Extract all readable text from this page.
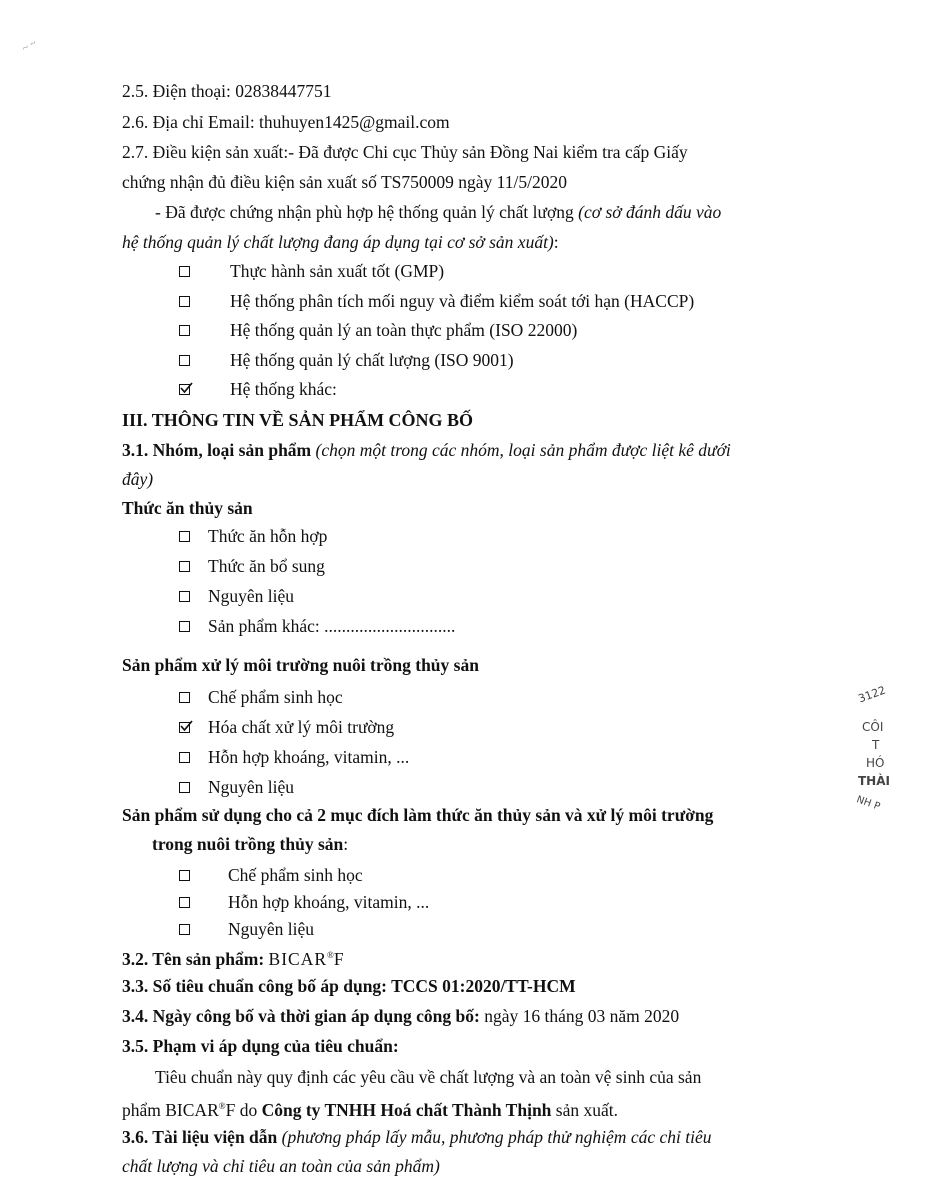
~ ~
2.5. Điện thoại: 02838447751
2.6. Địa chỉ Email: thuhuyen1425@gmail.com
2.7. Điều kiện sản xuất:- Đã được Chi cục Thủy sản Đồng Nai kiểm tra cấp Giấy
chứng nhận đủ điều kiện sản xuất số TS750009 ngày 11/5/2020
- Đã được chứng nhận phù hợp hệ thống quản lý chất lượng (cơ sở đánh dấu vào
hệ thống quản lý chất lượng đang áp dụng tại cơ sở sản xuất):
Thực hành sản xuất tốt (GMP)
Hệ thống phân tích mối nguy và điểm kiểm soát tới hạn (HACCP)
Hệ thống quản lý an toàn thực phẩm (ISO 22000)
Hệ thống quản lý chất lượng (ISO 9001)
Hệ thống khác:
III. THÔNG TIN VỀ SẢN PHẨM CÔNG BỐ
3.1. Nhóm, loại sản phẩm (chọn một trong các nhóm, loại sản phẩm được liệt kê dưới
đây)
Thức ăn thủy sản
Thức ăn hỗn hợp
Thức ăn bổ sung
Nguyên liệu
Sản phẩm khác: ..............................
Sản phẩm xử lý môi trường nuôi trồng thủy sản
Chế phẩm sinh học
Hóa chất xử lý môi trường
Hỗn hợp khoáng, vitamin, ...
Nguyên liệu
Sản phẩm sử dụng cho cả 2 mục đích làm thức ăn thủy sản và xử lý môi trường
trong nuôi trồng thủy sản:
Chế phẩm sinh học
Hỗn hợp khoáng, vitamin, ...
Nguyên liệu
3.2. Tên sản phẩm: BICAR®F
3.3. Số tiêu chuẩn công bố áp dụng: TCCS 01:2020/TT-HCM
3.4. Ngày công bố và thời gian áp dụng công bố: ngày 16 tháng 03 năm 2020
3.5. Phạm vi áp dụng của tiêu chuẩn:
Tiêu chuẩn này quy định các yêu cầu về chất lượng và an toàn vệ sinh của sản
phẩm BICAR®F do Công ty TNHH Hoá chất Thành Thịnh sản xuất.
3.6. Tài liệu viện dẫn (phương pháp lấy mẫu, phương pháp thử nghiệm các chỉ tiêu
chất lượng và chỉ tiêu an toàn của sản phẩm)
3122
CÔI
T
HÓ
THÀI
NH P
